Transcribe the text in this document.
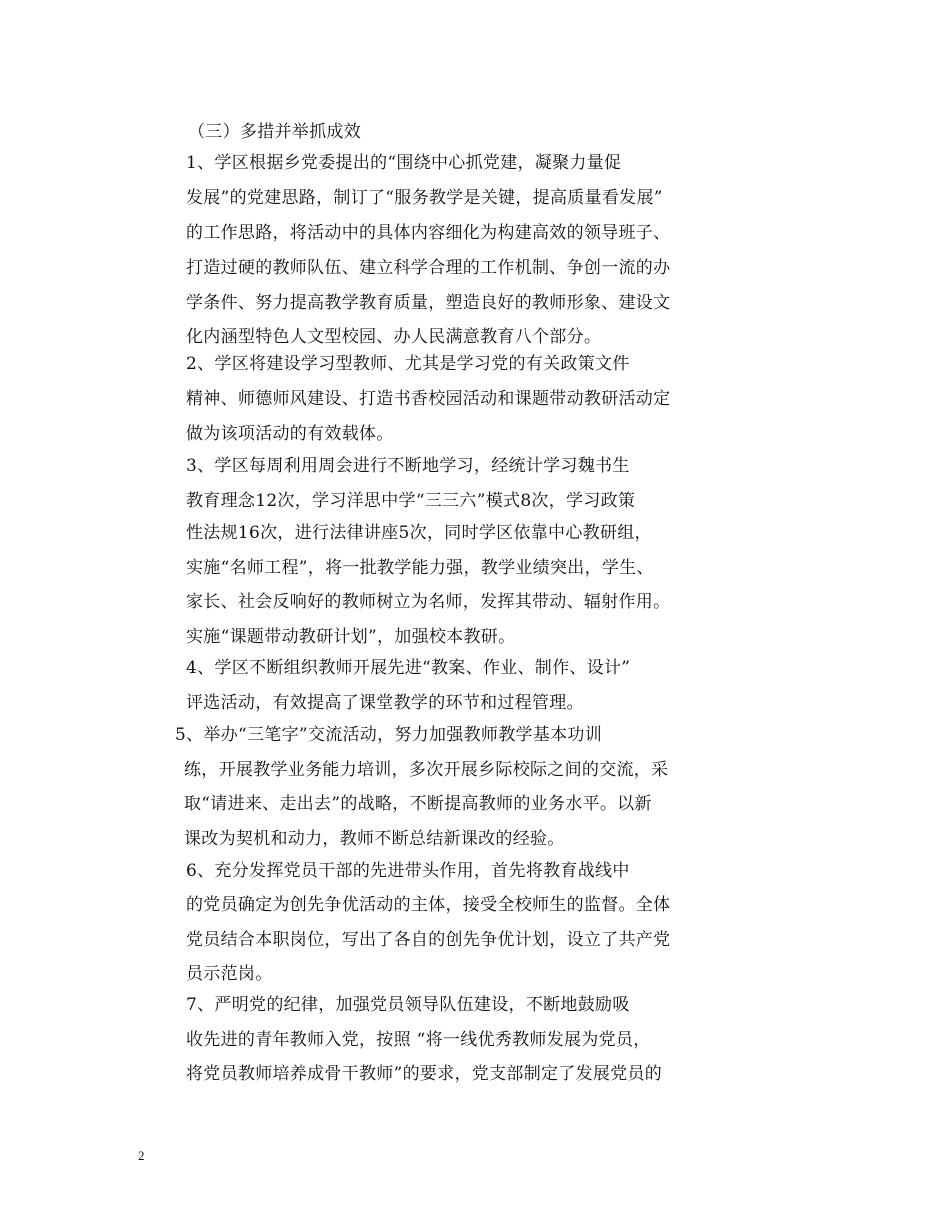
（三）多措并举抓成效
1、学区根据乡党委提出的“围绕中心抓党建，凝聚力量促
发展”的党建思路，制订了“服务教学是关键，提高质量看发展”
的工作思路，将活动中的具体内容细化为构建高效的领导班子、
打造过硬的教师队伍、建立科学合理的工作机制、争创一流的办
学条件、努力提高教学教育质量，塑造良好的教师形象、建设文
化内涵型特色人文型校园、办人民满意教育八个部分。
2、学区将建设学习型教师、尤其是学习党的有关政策文件
精神、师德师风建设、打造书香校园活动和课题带动教研活动定
做为该项活动的有效载体。
3、学区每周利用周会进行不断地学习，经统计学习魏书生
教育理念12次，学习洋思中学“三三六”模式8次，学习政策
性法规16次，进行法律讲座5次，同时学区依靠中心教研组，
实施“名师工程”，将一批教学能力强，教学业绩突出，学生、
家长、社会反响好的教师树立为名师，发挥其带动、辐射作用。
实施“课题带动教研计划”，加强校本教研。
4、学区不断组织教师开展先进“教案、作业、制作、设计”
评选活动，有效提高了课堂教学的环节和过程管理。
5、举办“三笔字”交流活动，努力加强教师教学基本功训
练，开展教学业务能力培训，多次开展乡际校际之间的交流，采
取“请进来、走出去”的战略，不断提高教师的业务水平。以新
课改为契机和动力，教师不断总结新课改的经验。
6、充分发挥党员干部的先进带头作用，首先将教育战线中
的党员确定为创先争优活动的主体，接受全校师生的监督。全体
党员结合本职岗位，写出了各自的创先争优计划，设立了共产党
员示范岗。
7、严明党的纪律，加强党员领导队伍建设，不断地鼓励吸
收先进的青年教师入党，按照 “将一线优秀教师发展为党员，
将党员教师培养成骨干教师”的要求，党支部制定了发展党员的
2
